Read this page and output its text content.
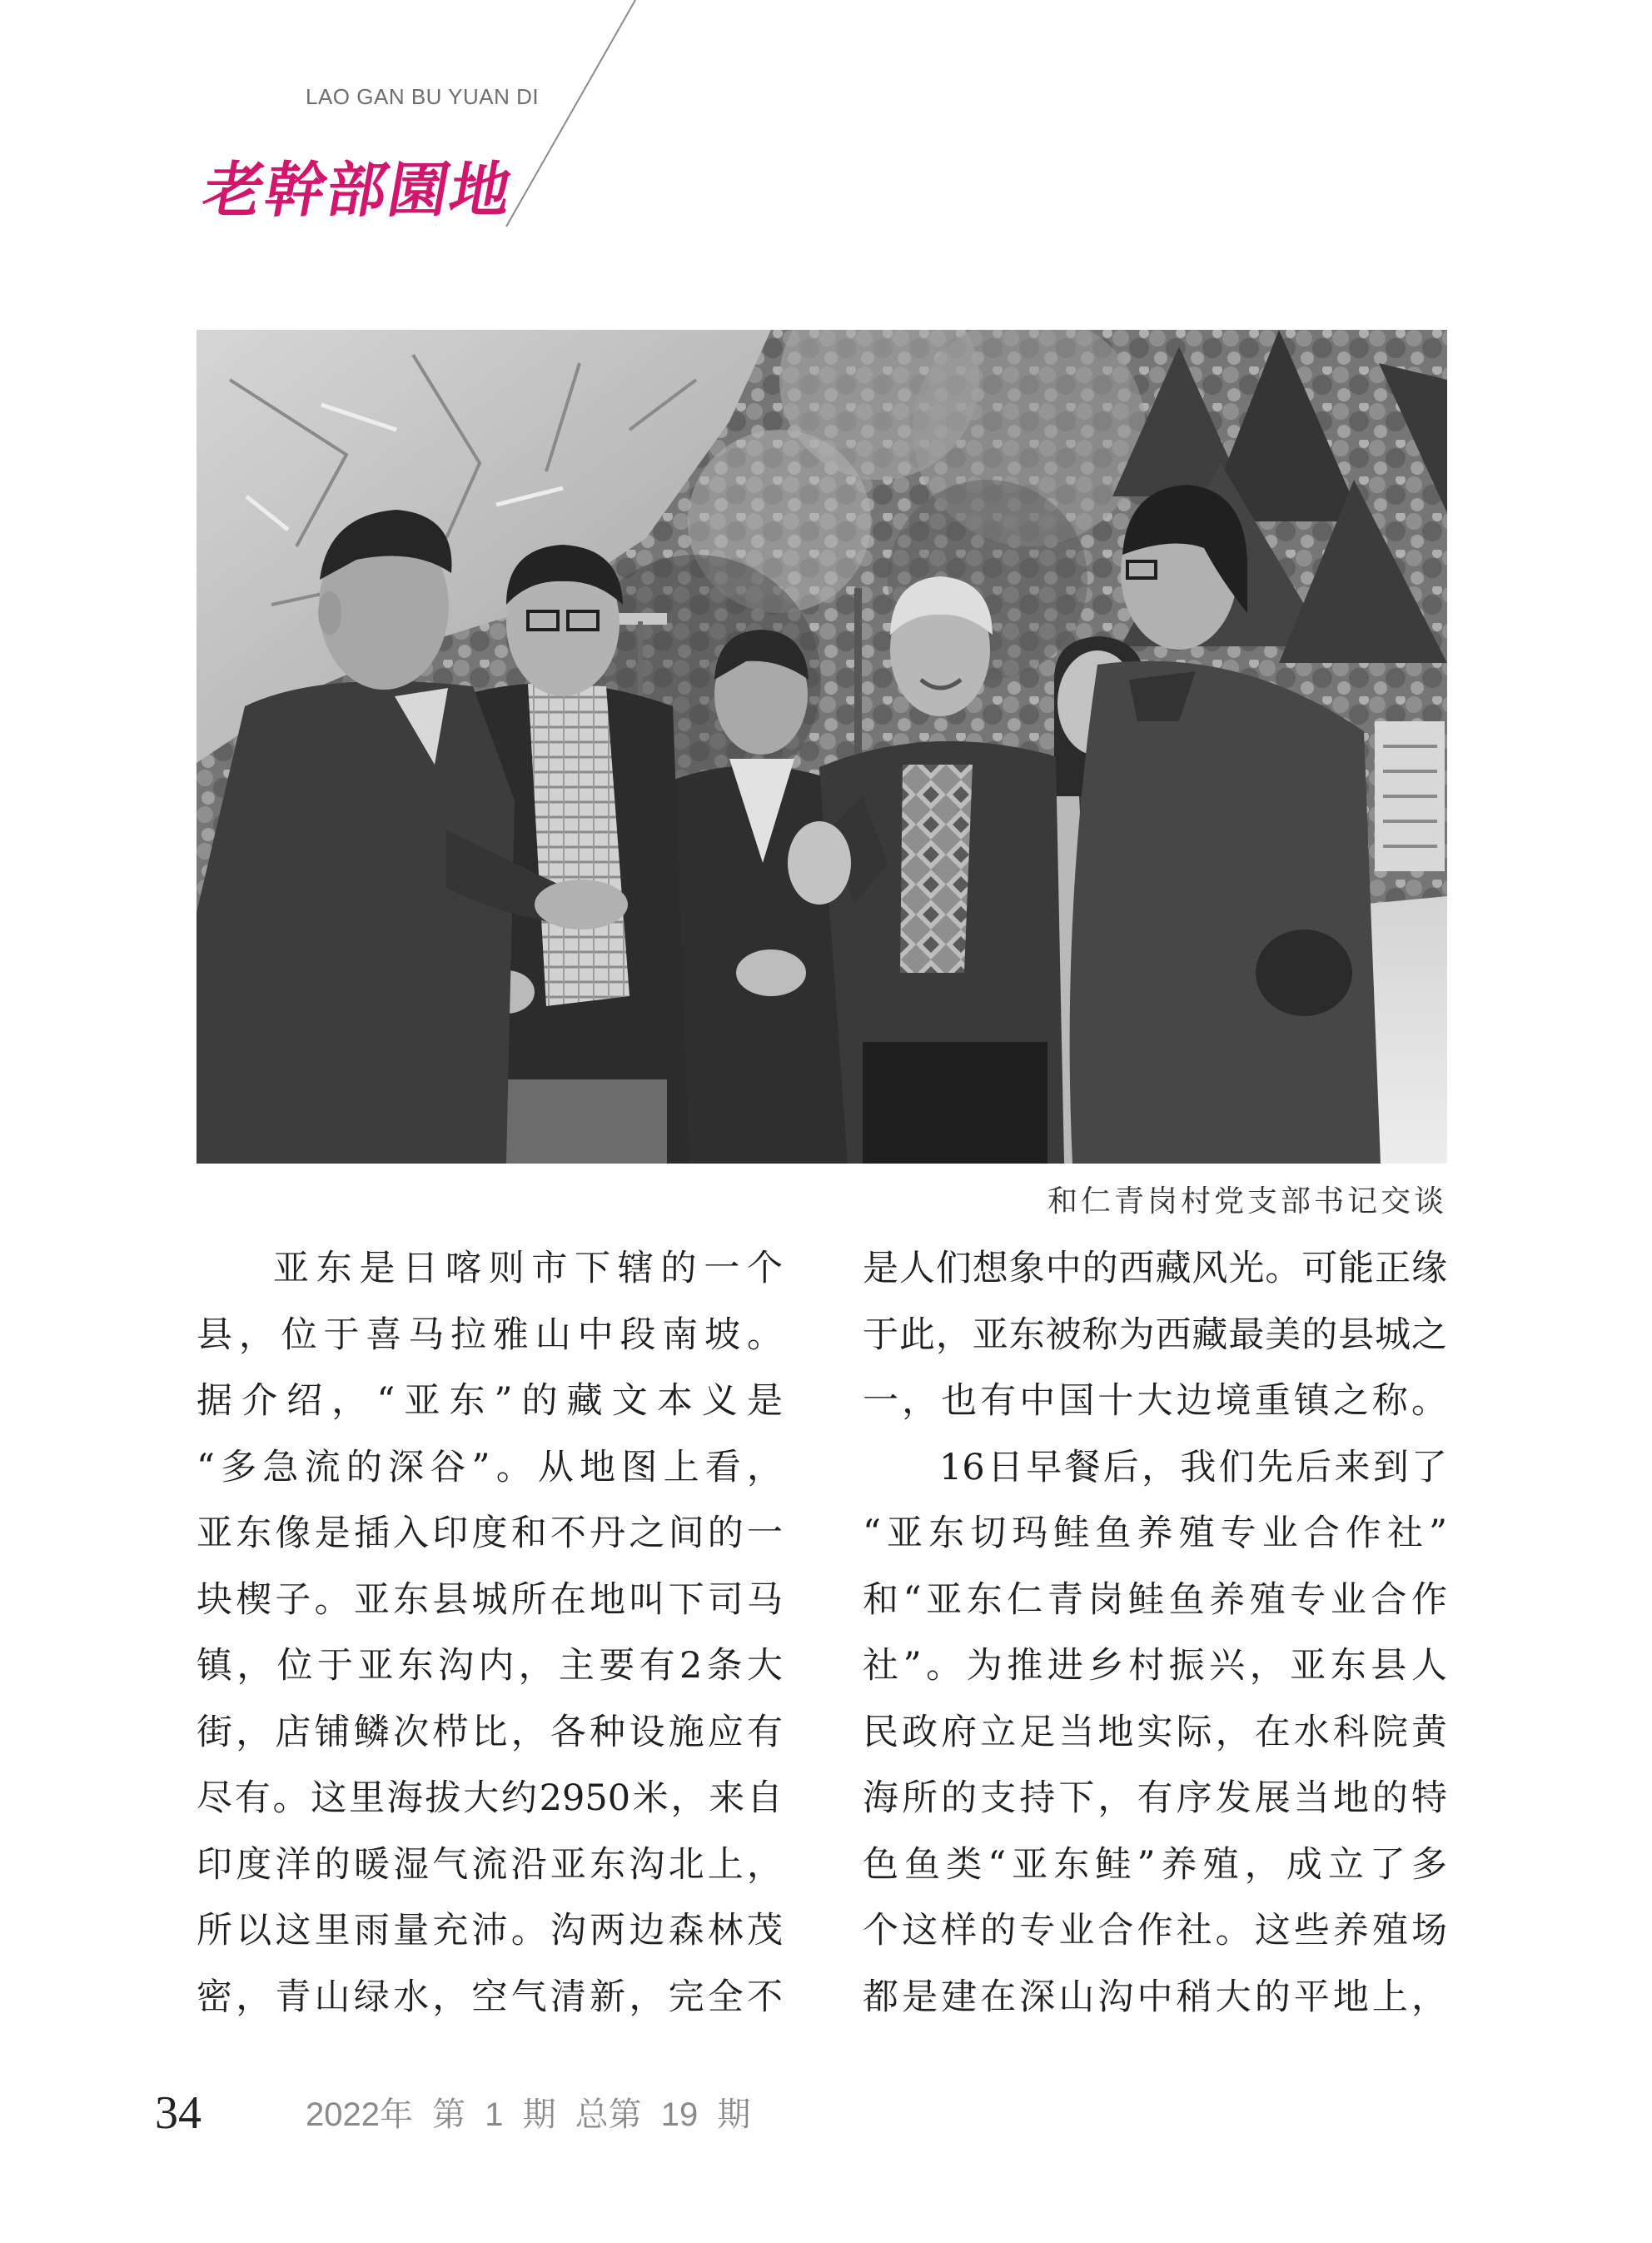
LAO GAN BU YUAN DI
老幹部園地
和仁青岗村党支部书记交谈
亚东是日喀则市下辖的一个
县，位于喜马拉雅山中段南坡。
据介绍，“亚东”的藏文本义是
“多急流的深谷”。从地图上看，
亚东像是插入印度和不丹之间的一
块楔子。亚东县城所在地叫下司马
镇，位于亚东沟内，主要有2条大
街，店铺鳞次栉比，各种设施应有
尽有。这里海拔大约2950米，来自
印度洋的暖湿气流沿亚东沟北上，
所以这里雨量充沛。沟两边森林茂
密，青山绿水，空气清新，完全不
是人们想象中的西藏风光。可能正缘
于此，亚东被称为西藏最美的县城之
一，也有中国十大边境重镇之称。
16日早餐后，我们先后来到了
“亚东切玛鲑鱼养殖专业合作社”
和“亚东仁青岗鲑鱼养殖专业合作
社”。为推进乡村振兴，亚东县人
民政府立足当地实际，在水科院黄
海所的支持下，有序发展当地的特
色鱼类“亚东鲑”养殖，成立了多
个这样的专业合作社。这些养殖场
都是建在深山沟中稍大的平地上，
34	2022年 第 1 期 总第 19 期
